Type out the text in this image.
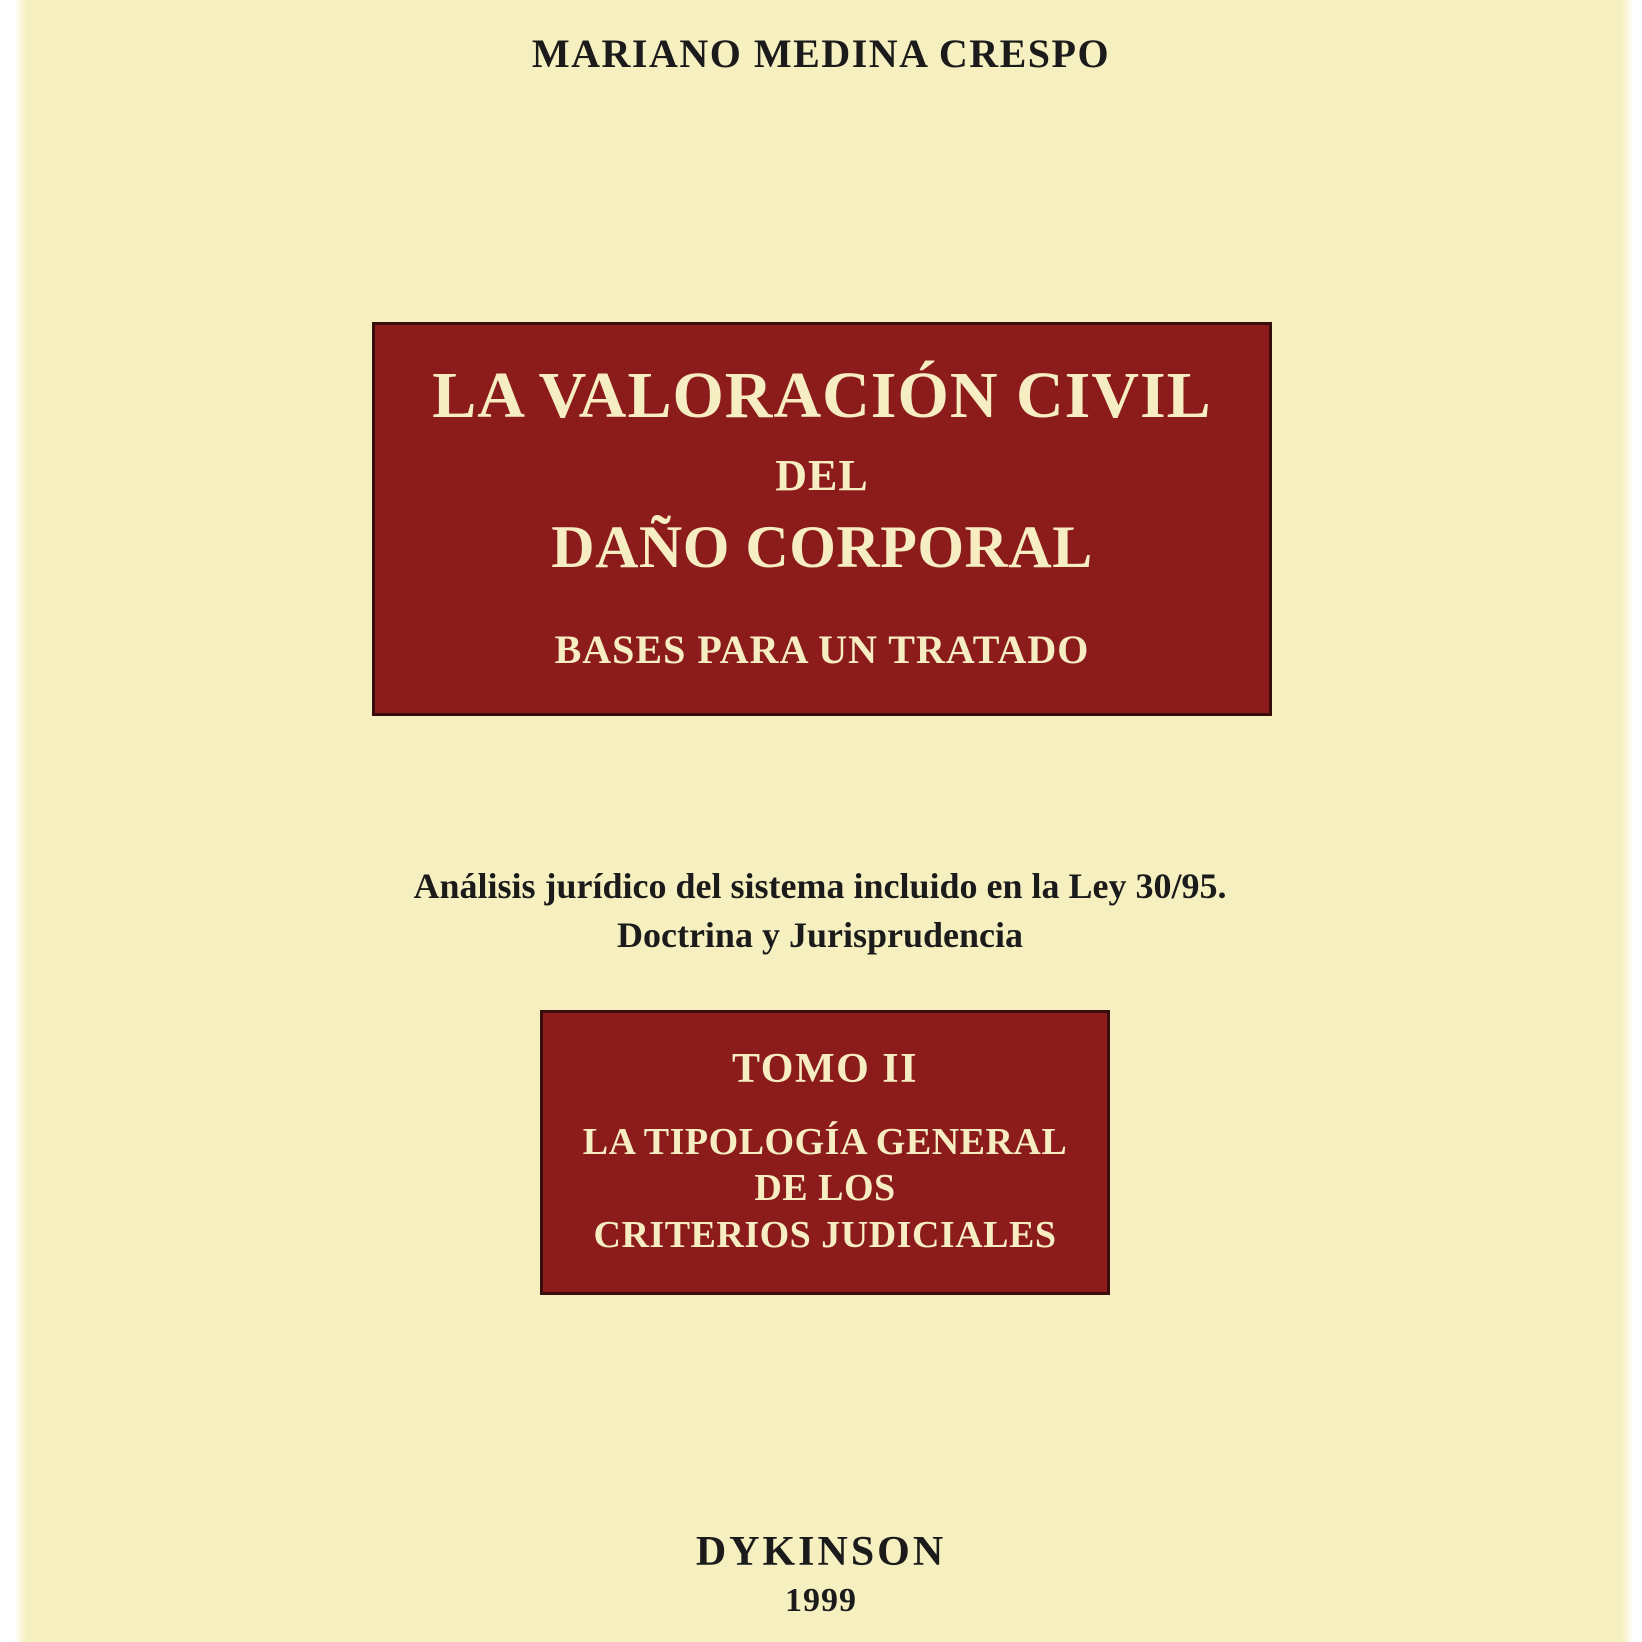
MARIANO MEDINA CRESPO
LA VALORACIÓN CIVIL
DEL
DAÑO CORPORAL
BASES PARA UN TRATADO
Análisis jurídico del sistema incluido en la Ley 30/95.
Doctrina y Jurisprudencia
TOMO II
LA TIPOLOGÍA GENERAL
DE LOS
CRITERIOS JUDICIALES
DYKINSON
1999
